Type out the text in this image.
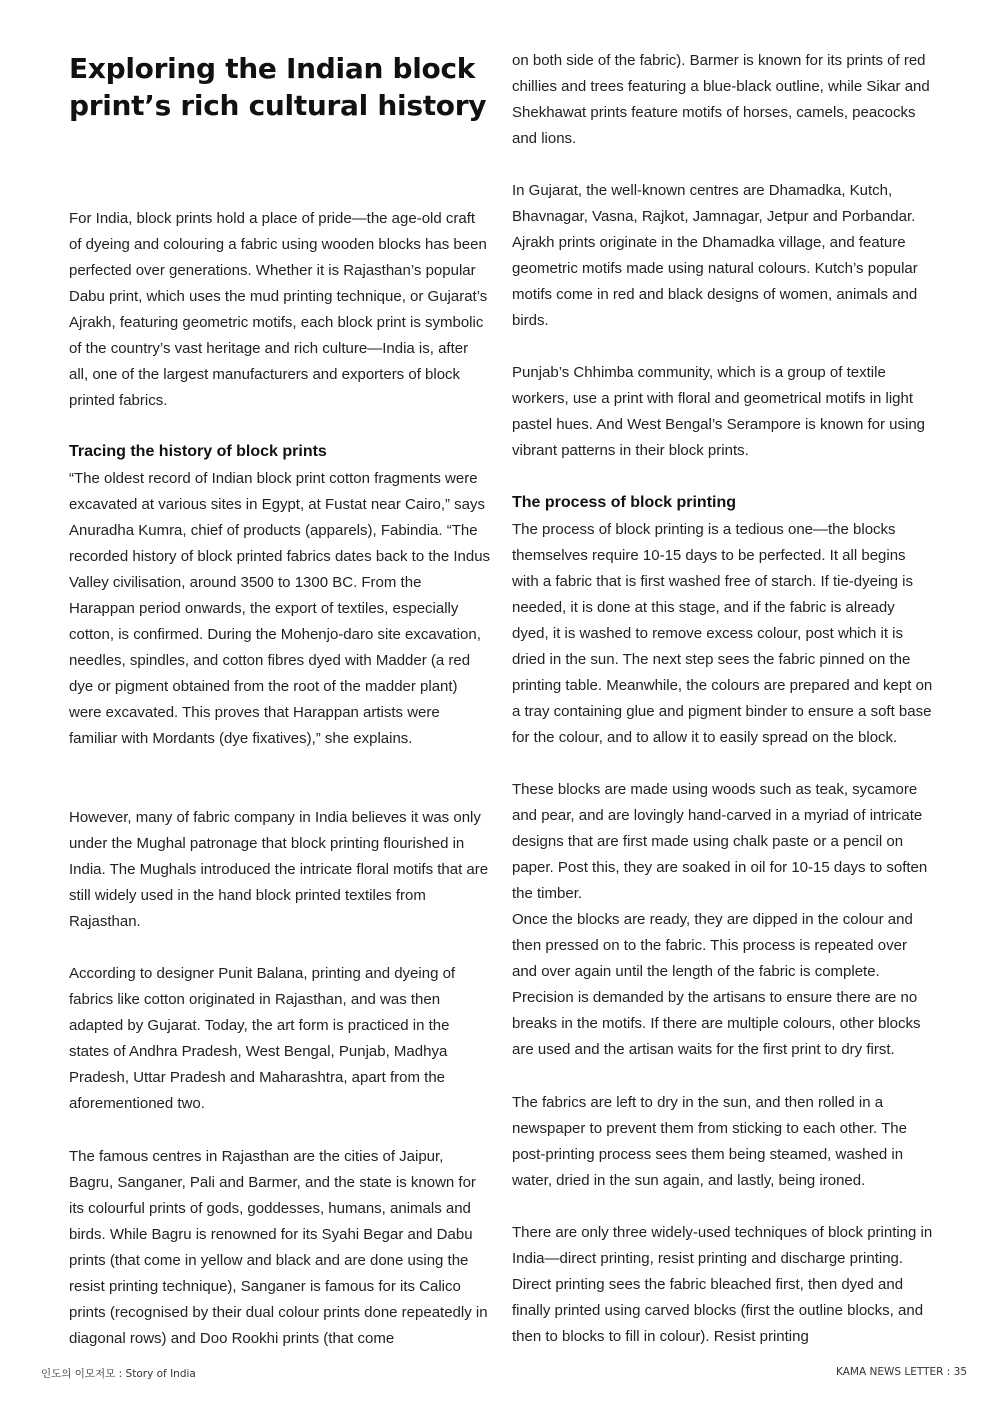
Exploring the Indian block print’s rich cultural history

For India, block prints hold a place of pride—the age-old craft of dyeing and colouring a fabric using wooden blocks has been perfected over generations. Whether it is Rajasthan’s popular Dabu print, which uses the mud printing technique, or Gujarat’s Ajrakh, featuring geometric motifs, each block print is symbolic of the country’s vast heritage and rich culture—India is, after all, one of the largest manufacturers and exporters of block printed fabrics.

Tracing the history of block prints

“The oldest record of Indian block print cotton fragments were excavated at various sites in Egypt, at Fustat near Cairo,” says Anuradha Kumra, chief of products (apparels), Fabindia. “The recorded history of block printed fabrics dates back to the Indus Valley civilisation, around 3500 to 1300 BC. From the Harappan period onwards, the export of textiles, especially cotton, is confirmed. During the Mohenjo-daro site excavation, needles, spindles, and cotton fibres dyed with Madder (a red dye or pigment obtained from the root of the madder plant) were excavated. This proves that Harappan artists were familiar with Mordants (dye fixatives),” she explains.

However, many of fabric company in India believes it was only under the Mughal patronage that block printing flourished in India. The Mughals introduced the intricate floral motifs that are still widely used in the hand block printed textiles from Rajasthan.

According to designer Punit Balana, printing and dyeing of fabrics like cotton originated in Rajasthan, and was then adapted by Gujarat. Today, the art form is practiced in the states of Andhra Pradesh, West Bengal, Punjab, Madhya Pradesh, Uttar Pradesh and Maharashtra, apart from the aforementioned two.

The famous centres in Rajasthan are the cities of Jaipur, Bagru, Sanganer, Pali and Barmer, and the state is known for its colourful prints of gods, goddesses, humans, animals and birds. While Bagru is renowned for its Syahi Begar and Dabu prints (that come in yellow and black and are done using the resist printing technique), Sanganer is famous for its Calico prints (recognised by their dual colour prints done repeatedly in diagonal rows) and Doo Rookhi prints (that come

on both side of the fabric). Barmer is known for its prints of red chillies and trees featuring a blue-black outline, while Sikar and Shekhawat prints feature motifs of horses, camels, peacocks and lions.

In Gujarat, the well-known centres are Dhamadka, Kutch, Bhavnagar, Vasna, Rajkot, Jamnagar, Jetpur and Porbandar. Ajrakh prints originate in the Dhamadka village, and feature geometric motifs made using natural colours. Kutch’s popular motifs come in red and black designs of women, animals and birds.

Punjab’s Chhimba community, which is a group of textile workers, use a print with floral and geometrical motifs in light pastel hues. And West Bengal’s Serampore is known for using vibrant patterns in their block prints.

The process of block printing

The process of block printing is a tedious one—the blocks themselves require 10-15 days to be perfected. It all begins with a fabric that is first washed free of starch. If tie-dyeing is needed, it is done at this stage, and if the fabric is already dyed, it is washed to remove excess colour, post which it is dried in the sun. The next step sees the fabric pinned on the printing table. Meanwhile, the colours are prepared and kept on a tray containing glue and pigment binder to ensure a soft base for the colour, and to allow it to easily spread on the block.

These blocks are made using woods such as teak, sycamore and pear, and are lovingly hand-carved in a myriad of intricate designs that are first made using chalk paste or a pencil on paper. Post this, they are soaked in oil for 10-15 days to soften the timber.

Once the blocks are ready, they are dipped in the colour and then pressed on to the fabric. This process is repeated over and over again until the length of the fabric is complete. Precision is demanded by the artisans to ensure there are no breaks in the motifs. If there are multiple colours, other blocks are used and the artisan waits for the first print to dry first.

The fabrics are left to dry in the sun, and then rolled in a newspaper to prevent them from sticking to each other. The post-printing process sees them being steamed, washed in water, dried in the sun again, and lastly, being ironed.

There are only three widely-used techniques of block printing in India—direct printing, resist printing and discharge printing. Direct printing sees the fabric bleached first, then dyed and finally printed using carved blocks (first the outline blocks, and then to blocks to fill in colour). Resist printing

인도의 이모저모 : Story of India	KAMA NEWS LETTER : 35
